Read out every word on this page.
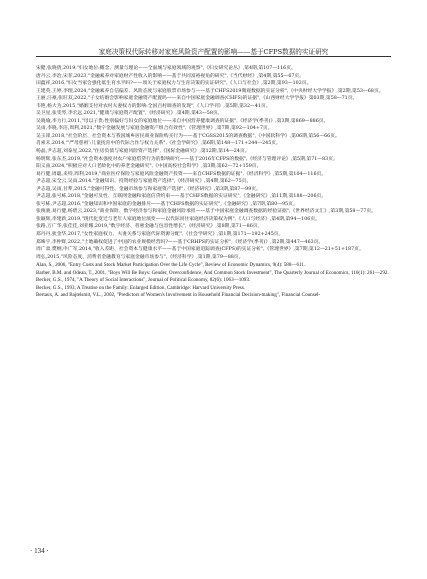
家庭决策权代际转移对家庭风险资产配置的影响——基于CFPS数据的实证研究

宋健,张晓倩,2019,"妇女地位:概念、测量与理论——全面城与家庭领域的观察",《妇女研究论丛》,第4期,第107—116页。

唐丹云,李治,宋菲,2023,"金融素养对家庭财产性收入的影响——基于共同富裕视角的研究",《当代财经》,第4期,第55—67页。

田蕴祥,2016,"妇女当家会强化低生育水平吗?——项关于家庭权力与生育决策的实证研究",《人口与社会》,第2期,第93—102页。

王建英,王婷,李理,2024,"金融素养自信偏差、风险态度与家庭股票市场参与——基于CHFS2019微观数据的实证分析",《中央财经大学学报》,第2期,第53—68页。

王丽,汪豪,张旺双,2022,"子女结婚会影响家庭金融资产配置吗——来自中国家庭金融调查(CHFS)的证据",《山西财经大学学报》第03期,第58—71页。

韦艳,杨大为,2015,"婚姻支付对农村夫妻权力的影响:全国百村调查的发现",《人口学刊》,第5期,第32—41页。

吴卫星,张雯琴,李宏远,2021,"健康与家庭资产配置",《经济研究》,第4期,第43—58页。

吴晓瑜,李力行,2011,"母以子贵:性别偏好与妇女的家庭地位——来自中国营养健康调查的证据",《经济学(季刊)》,第3期,第869—886页。

吴雨,李晓,李洁,周利,2021,"数字金融发展与家庭金融资产组合有效性",《管理世界》,第7期,第92—104+7页。

吴玉锋,2018,"社会阶层、社会资本与我国城乡居民商业保险购买行为——基于CGSS2015的调查数据",《中国软科学》,第06期,第56—66页。

肖索未,2014,"'严母慈祖':儿童抚育中的代际合作与权力关系",《社会学研究》,第6期,第148—171+244—245页。

杨晶,尹志超,刘泰星,2022,"住房负债与家庭风险资产选择",《国际金融研究》,第12期,第14—24页。

杨明辉,张东杰,2019,"社会资本强度对农户家庭借贷行为的影响研究——基于2016年CFPS的数据",《经济与管理评论》,第5期,第71—83页。

阳义南,2024,"积极应对人口老龄化中的养老金融研究",《中国高校社会科学》,第3期,第62—72+159页。

易行健,周聪,来特,周利,2019,"商业医疗保险与家庭风险金融资产投资——来自CHFS数据的证据",《经济科学》,第5期,第104—116页。

尹志超,宋全云,吴雨,2014,"金融知识、投资经验与家庭资产选择",《经济研究》,第4期,第62—75页。

尹志超,吴雨,甘犁,2015,"金融可得性、金融市场参与和家庭资产选择",《经济研究》,第3期,第87—99页。

尹志超,张号栋,2018,"金融可及性、互联网金融和家庭信贷约束——基于CHFS数据的实证研究",《金融研究》,第11期,第188—206页。

张号栋,尹志超,2016,"金融知识和中国家庭的金融排斥——基于CHFS数据的实证研究",《金融研究》,第7期,第80—95页。

张俊骏,易行健,杨碧云,2023,"商业保险、数字经济参与和家庭金融风险承担——基于中国家庭金融调查数据的经验证据",《世界经济文汇》,第3期,第58—77页。

张颖辉,李建新,2019,"现代化变迁与老年人家庭地位演变——以代际同住家庭经济决策权为例",《人口与经济》,第4期,第94—106页。

张路,万广华,张佳佳,刘亚娜,2019,"数字经济、普惠金融与包容性增长",《经济研究》,第8期,第71—86页。

郑丹丹,狄金华,2017,"女性家庭权力、夫妻关系与家庭代际资源分配",《社会学研究》,第1期,第171—192+245页。

郑姝宇,李仲辉,2022,"土地确权促进了中国的农业规模经营吗?——基于CRHPS的实证分析",《经济学(季刊)》,第2期,第447—463页。

周广肃,樊纲,申广军,2014,"收入差距、社会资本与健康水平——基于中国家庭追踪调查(CFPS)的实证分析",《管理世界》,第7期,第12—21+51+187页。

周弘,2015,"风险态度、消费者金融教育与家庭金融市场参与",《经济科学》,第1期,第79—88页。

Alan, S., 2006, "Entry Costs and Stock Market Participation Over the Life Cycle", Review of Economic Dynamics, 9(4): 588—611.

Barber, B.M. and Odean, T., 2001, "Boys Will Be Boys: Gender, Overconfidence, And Common Stock Investment", The Quarterly Journal of Economics, 116(1): 261—292.

Becker, G.S., 1974, "A Theory of Social Interactions", Journal of Political Economy, 82(6): 1063—1093.

Becker, G.S., 1993, A Treatise on the Family: Enlarged Edition, Cambridge: Harvard University Press.

Bertaux, A. and Bajtelsmit, V.L., 2002, "Predictors of Women's Involvement in Household Financial Decision-making", Financial Counsel-

· 134 ·
